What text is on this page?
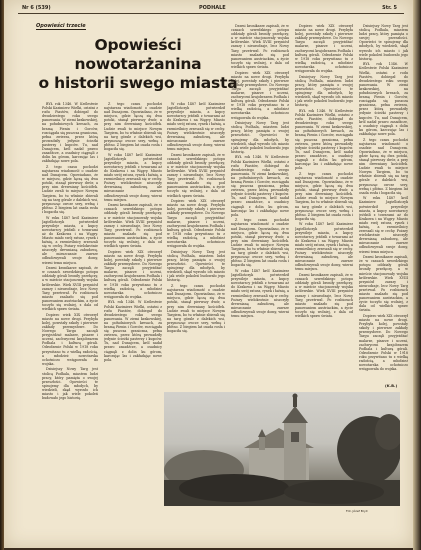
Nr 6 (539)	PODHALE	Str. 5
Opowieści trzecie
Opowieści nowotarżanina
o historii swego miasta

BYŁ rok 1346. W Królestwie Polski Kazimierz Wielki, ostatni z rodu Piastów, dobiegał do dwudziestego roku swego panowania. W ziemi krakowskiej, na południowych kresach, za bramą Pienin i Gorców, rozciągała się puszcza graniczna, pełna zwierza, przez którą prowadziły jedynie ścieżki pasterzy i kupców. Tu, nad Dunajcem, król nadał prawo zasadźcze, a osadnicy ciągnęli z dolin ku górom, karczując las i zakładając nowe pola.

Z tego czasu pochodzi najstarsza wiadomość o osadzie nad Dunajcem. Opowiadano, że w miejscu, gdzie łączą się dwa potoki, stanął pierwszy dwór, a przy nim drewniany kościółek. Ludzie zwali to miejsce Nowym Targiem, bo tu właśnie zbierali się na targ górale z dalekich wsi, przynosząc owcze sery, wełnę i płótno. Z biegiem lat osada rosła i bogaciła się.

W roku 1487 król Kazimierz Jagiellończyk potwierdził przywileje miasta, a kupcy nowotarscy jeździli z towarami aż do Krakowa i na Węgry. Miasto miało swój ratusz, rynek i łaźnię, a rzemieślnicy zrzeszali się w cechy. Pożary wielokrotnie niszczyły drewnianą zabudowę, ale mieszczanie zawsze odbudowywali swoje domy, wierni temu miejscu.

Dawni kronikarze zapisali, że w czasach szwedzkiego potopu oddziały górali broniły przełęczy, a w mieście stacjonowały wojska królewskie. Wiek XVIII przyniósł zarazy i nieurodzaje, lecz Nowy Targ przetrwał. Po rozbiorach miasto znalazło się pod panowaniem austriackim, a życie toczyło się wolniej, z dala od wielkich spraw świata.

Dopiero wiek XIX otworzył miasto na nowe drogi. Przybyła kolej, powstały szkoły i pierwsze zakłady przemysłowe. Do Nowego Targu zaczęli przyjeżdżać malarze, pisarze i uczeni, zachwyceni krajobrazem Podhala i kulturą górali. Odrodzenie Polski w 1918 roku przywitano tu z wielką radością, a młodzież nowotarska ochotniczo wstępowała do wojska.

Dzisiejszy Nowy Targ jest stolicą Podhala, miastem ludzi pracy, który pamięta o swojej przeszłości. Opowieści te spisujemy dla młodych, by wiedzieli, skąd wyrosło ich miasto i jak wiele pokoleń budowało jego historię.

Z tego czasu pochodzi najstarsza wiadomość o osadzie nad Dunajcem. Opowiadano, że w miejscu, gdzie łączą się dwa potoki, stanął pierwszy dwór, a przy nim drewniany kościółek. Ludzie zwali to miejsce Nowym Targiem, bo tu właśnie zbierali się na targ górale z dalekich wsi, przynosząc owcze sery, wełnę i płótno. Z biegiem lat osada rosła i bogaciła się.

W roku 1487 król Kazimierz Jagiellończyk potwierdził przywileje miasta, a kupcy nowotarscy jeździli z towarami aż do Krakowa i na Węgry. Miasto miało swój ratusz, rynek i łaźnię, a rzemieślnicy zrzeszali się w cechy. Pożary wielokrotnie niszczyły drewnianą zabudowę, ale mieszczanie zawsze odbudowywali swoje domy, wierni temu miejscu.

Dawni kronikarze zapisali, że w czasach szwedzkiego potopu oddziały górali broniły przełęczy, a w mieście stacjonowały wojska królewskie. Wiek XVIII przyniósł zarazy i nieurodzaje, lecz Nowy Targ przetrwał. Po rozbiorach miasto znalazło się pod panowaniem austriackim, a życie toczyło się wolniej, z dala od wielkich spraw świata.

Dopiero wiek XIX otworzył miasto na nowe drogi. Przybyła kolej, powstały szkoły i pierwsze zakłady przemysłowe. Do Nowego Targu zaczęli przyjeżdżać malarze, pisarze i uczeni, zachwyceni krajobrazem Podhala i kulturą górali. Odrodzenie Polski w 1918 roku przywitano tu z wielką radością, a młodzież nowotarska ochotniczo wstępowała do wojska.

BYŁ rok 1346. W Królestwie Polski Kazimierz Wielki, ostatni z rodu Piastów, dobiegał do dwudziestego roku swego panowania. W ziemi krakowskiej, na południowych kresach, za bramą Pienin i Gorców, rozciągała się puszcza graniczna, pełna zwierza, przez którą prowadziły jedynie ścieżki pasterzy i kupców. Tu, nad Dunajcem, król nadał prawo zasadźcze, a osadnicy ciągnęli z dolin ku górom, karczując las i zakładając nowe pola.

W roku 1487 król Kazimierz Jagiellończyk potwierdził przywileje miasta, a kupcy nowotarscy jeździli z towarami aż do Krakowa i na Węgry. Miasto miało swój ratusz, rynek i łaźnię, a rzemieślnicy zrzeszali się w cechy. Pożary wielokrotnie niszczyły drewnianą zabudowę, ale mieszczanie zawsze odbudowywali swoje domy, wierni temu miejscu.

Dawni kronikarze zapisali, że w czasach szwedzkiego potopu oddziały górali broniły przełęczy, a w mieście stacjonowały wojska królewskie. Wiek XVIII przyniósł zarazy i nieurodzaje, lecz Nowy Targ przetrwał. Po rozbiorach miasto znalazło się pod panowaniem austriackim, a życie toczyło się wolniej, z dala od wielkich spraw świata.

Dopiero wiek XIX otworzył miasto na nowe drogi. Przybyła kolej, powstały szkoły i pierwsze zakłady przemysłowe. Do Nowego Targu zaczęli przyjeżdżać malarze, pisarze i uczeni, zachwyceni krajobrazem Podhala i kulturą górali. Odrodzenie Polski w 1918 roku przywitano tu z wielką radością, a młodzież nowotarska ochotniczo wstępowała do wojska.

Dzisiejszy Nowy Targ jest stolicą Podhala, miastem ludzi pracy, który pamięta o swojej przeszłości. Opowieści te spisujemy dla młodych, by wiedzieli, skąd wyrosło ich miasto i jak wiele pokoleń budowało jego historię.

Z tego czasu pochodzi najstarsza wiadomość o osadzie nad Dunajcem. Opowiadano, że w miejscu, gdzie łączą się dwa potoki, stanął pierwszy dwór, a przy nim drewniany kościółek. Ludzie zwali to miejsce Nowym Targiem, bo tu właśnie zbierali się na targ górale z dalekich wsi, przynosząc owcze sery, wełnę i płótno. Z biegiem lat osada rosła i bogaciła się.

Dawni kronikarze zapisali, że w czasach szwedzkiego potopu oddziały górali broniły przełęczy, a w mieście stacjonowały wojska królewskie. Wiek XVIII przyniósł zarazy i nieurodzaje, lecz Nowy Targ przetrwał. Po rozbiorach miasto znalazło się pod panowaniem austriackim, a życie toczyło się wolniej, z dala od wielkich spraw świata.

Dopiero wiek XIX otworzył miasto na nowe drogi. Przybyła kolej, powstały szkoły i pierwsze zakłady przemysłowe. Do Nowego Targu zaczęli przyjeżdżać malarze, pisarze i uczeni, zachwyceni krajobrazem Podhala i kulturą górali. Odrodzenie Polski w 1918 roku przywitano tu z wielką radością, a młodzież nowotarska ochotniczo wstępowała do wojska.

Dzisiejszy Nowy Targ jest stolicą Podhala, miastem ludzi pracy, który pamięta o swojej przeszłości. Opowieści te spisujemy dla młodych, by wiedzieli, skąd wyrosło ich miasto i jak wiele pokoleń budowało jego historię.

BYŁ rok 1346. W Królestwie Polski Kazimierz Wielki, ostatni z rodu Piastów, dobiegał do dwudziestego roku swego panowania. W ziemi krakowskiej, na południowych kresach, za bramą Pienin i Gorców, rozciągała się puszcza graniczna, pełna zwierza, przez którą prowadziły jedynie ścieżki pasterzy i kupców. Tu, nad Dunajcem, król nadał prawo zasadźcze, a osadnicy ciągnęli z dolin ku górom, karczując las i zakładając nowe pola.

Z tego czasu pochodzi najstarsza wiadomość o osadzie nad Dunajcem. Opowiadano, że w miejscu, gdzie łączą się dwa potoki, stanął pierwszy dwór, a przy nim drewniany kościółek. Ludzie zwali to miejsce Nowym Targiem, bo tu właśnie zbierali się na targ górale z dalekich wsi, przynosząc owcze sery, wełnę i płótno. Z biegiem lat osada rosła i bogaciła się.

W roku 1487 król Kazimierz Jagiellończyk potwierdził przywileje miasta, a kupcy nowotarscy jeździli z towarami aż do Krakowa i na Węgry. Miasto miało swój ratusz, rynek i łaźnię, a rzemieślnicy zrzeszali się w cechy. Pożary wielokrotnie niszczyły drewnianą zabudowę, ale mieszczanie zawsze odbudowywali swoje domy, wierni temu miejscu.

Dopiero wiek XIX otworzył miasto na nowe drogi. Przybyła kolej, powstały szkoły i pierwsze zakłady przemysłowe. Do Nowego Targu zaczęli przyjeżdżać malarze, pisarze i uczeni, zachwyceni krajobrazem Podhala i kulturą górali. Odrodzenie Polski w 1918 roku przywitano tu z wielką radością, a młodzież nowotarska ochotniczo wstępowała do wojska.

Dzisiejszy Nowy Targ jest stolicą Podhala, miastem ludzi pracy, który pamięta o swojej przeszłości. Opowieści te spisujemy dla młodych, by wiedzieli, skąd wyrosło ich miasto i jak wiele pokoleń budowało jego historię.

BYŁ rok 1346. W Królestwie Polski Kazimierz Wielki, ostatni z rodu Piastów, dobiegał do dwudziestego roku swego panowania. W ziemi krakowskiej, na południowych kresach, za bramą Pienin i Gorców, rozciągała się puszcza graniczna, pełna zwierza, przez którą prowadziły jedynie ścieżki pasterzy i kupców. Tu, nad Dunajcem, król nadał prawo zasadźcze, a osadnicy ciągnęli z dolin ku górom, karczując las i zakładając nowe pola.

Z tego czasu pochodzi najstarsza wiadomość o osadzie nad Dunajcem. Opowiadano, że w miejscu, gdzie łączą się dwa potoki, stanął pierwszy dwór, a przy nim drewniany kościółek. Ludzie zwali to miejsce Nowym Targiem, bo tu właśnie zbierali się na targ górale z dalekich wsi, przynosząc owcze sery, wełnę i płótno. Z biegiem lat osada rosła i bogaciła się.

W roku 1487 król Kazimierz Jagiellończyk potwierdził przywileje miasta, a kupcy nowotarscy jeździli z towarami aż do Krakowa i na Węgry. Miasto miało swój ratusz, rynek i łaźnię, a rzemieślnicy zrzeszali się w cechy. Pożary wielokrotnie niszczyły drewnianą zabudowę, ale mieszczanie zawsze odbudowywali swoje domy, wierni temu miejscu.

Dawni kronikarze zapisali, że w czasach szwedzkiego potopu oddziały górali broniły przełęczy, a w mieście stacjonowały wojska królewskie. Wiek XVIII przyniósł zarazy i nieurodzaje, lecz Nowy Targ przetrwał. Po rozbiorach miasto znalazło się pod panowaniem austriackim, a życie toczyło się wolniej, z dala od wielkich spraw świata.

Dzisiejszy Nowy Targ jest stolicą Podhala, miastem ludzi pracy, który pamięta o swojej przeszłości. Opowieści te spisujemy dla młodych, by wiedzieli, skąd wyrosło ich miasto i jak wiele pokoleń budowało jego historię.

BYŁ rok 1346. W Królestwie Polski Kazimierz Wielki, ostatni z rodu Piastów, dobiegał do dwudziestego roku swego panowania. W ziemi krakowskiej, na południowych kresach, za bramą Pienin i Gorców, rozciągała się puszcza graniczna, pełna zwierza, przez którą prowadziły jedynie ścieżki pasterzy i kupców. Tu, nad Dunajcem, król nadał prawo zasadźcze, a osadnicy ciągnęli z dolin ku górom, karczując las i zakładając nowe pola.

Z tego czasu pochodzi najstarsza wiadomość o osadzie nad Dunajcem. Opowiadano, że w miejscu, gdzie łączą się dwa potoki, stanął pierwszy dwór, a przy nim drewniany kościółek. Ludzie zwali to miejsce Nowym Targiem, bo tu właśnie zbierali się na targ górale z dalekich wsi, przynosząc owcze sery, wełnę i płótno. Z biegiem lat osada rosła i bogaciła się.

W roku 1487 król Kazimierz Jagiellończyk potwierdził przywileje miasta, a kupcy nowotarscy jeździli z towarami aż do Krakowa i na Węgry. Miasto miało swój ratusz, rynek i łaźnię, a rzemieślnicy zrzeszali się w cechy. Pożary wielokrotnie niszczyły drewnianą zabudowę, ale mieszczanie zawsze odbudowywali swoje domy, wierni temu miejscu.

Dawni kronikarze zapisali, że w czasach szwedzkiego potopu oddziały górali broniły przełęczy, a w mieście stacjonowały wojska królewskie. Wiek XVIII przyniósł zarazy i nieurodzaje, lecz Nowy Targ przetrwał. Po rozbiorach miasto znalazło się pod panowaniem austriackim, a życie toczyło się wolniej, z dala od wielkich spraw świata.

Dopiero wiek XIX otworzył miasto na nowe drogi. Przybyła kolej, powstały szkoły i pierwsze zakłady przemysłowe. Do Nowego Targu zaczęli przyjeżdżać malarze, pisarze i uczeni, zachwyceni krajobrazem Podhala i kulturą górali. Odrodzenie Polski w 1918 roku przywitano tu z wielką radością, a młodzież nowotarska ochotniczo wstępowała do wojska.

(K.B.)
Fot. Józef Bryll
